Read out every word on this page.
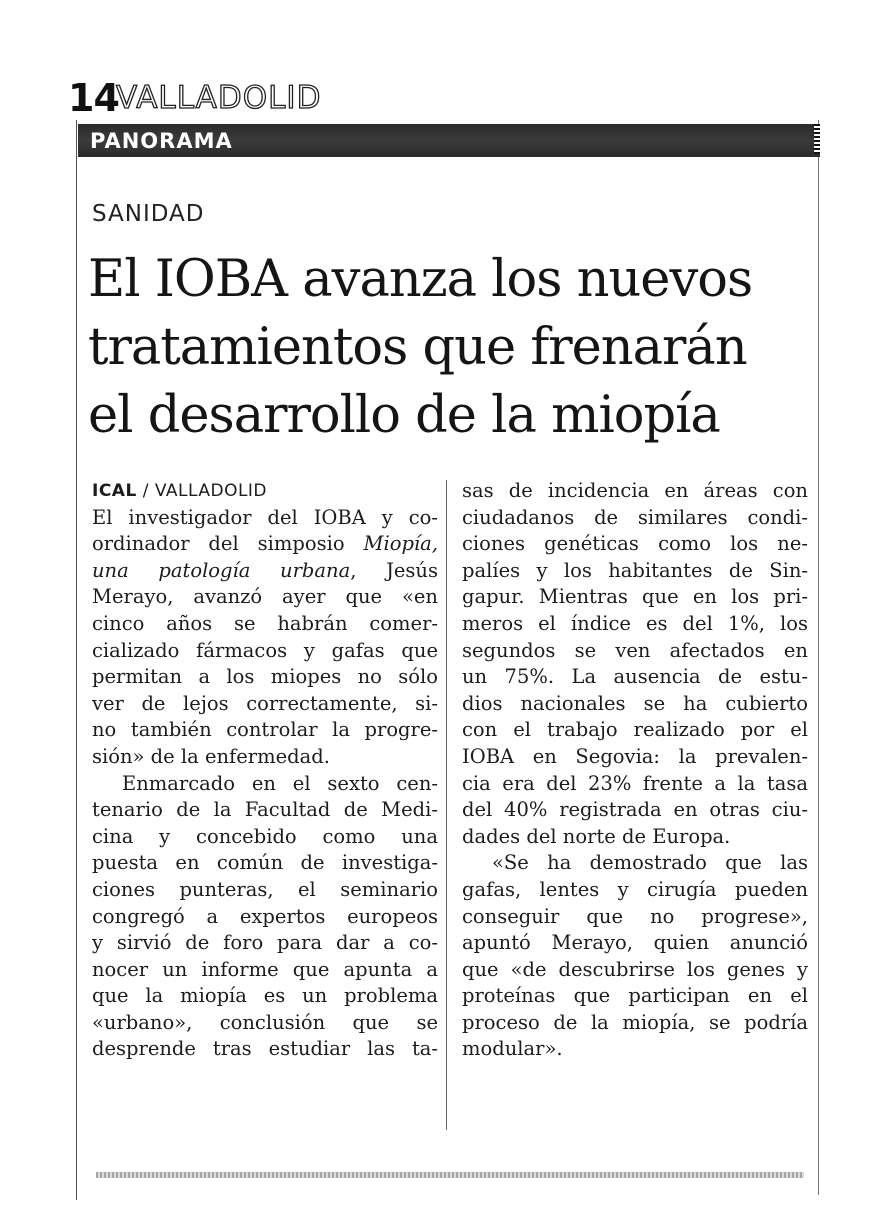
14
VALLADOLID
PANORAMA
SANIDAD
El IOBA avanza los nuevos
tratamientos que frenarán
el desarrollo de la miopía
ICAL / VALLADOLID
El investigador del IOBA y co-
ordinador del simposio Miopía,
una patología urbana, Jesús
Merayo, avanzó ayer que «en
cinco años se habrán comer-
cializado fármacos y gafas que
permitan a los miopes no sólo
ver de lejos correctamente, si-
no también controlar la progre-
sión» de la enfermedad.
Enmarcado en el sexto cen-
tenario de la Facultad de Medi-
cina y concebido como una
puesta en común de investiga-
ciones punteras, el seminario
congregó a expertos europeos
y sirvió de foro para dar a co-
nocer un informe que apunta a
que la miopía es un problema
«urbano», conclusión que se
desprende tras estudiar las ta-
sas de incidencia en áreas con
ciudadanos de similares condi-
ciones genéticas como los ne-
palíes y los habitantes de Sin-
gapur. Mientras que en los pri-
meros el índice es del 1%, los
segundos se ven afectados en
un 75%. La ausencia de estu-
dios nacionales se ha cubierto
con el trabajo realizado por el
IOBA en Segovia: la prevalen-
cia era del 23% frente a la tasa
del 40% registrada en otras ciu-
dades del norte de Europa.
«Se ha demostrado que las
gafas, lentes y cirugía pueden
conseguir que no progrese»,
apuntó Merayo, quien anunció
que «de descubrirse los genes y
proteínas que participan en el
proceso de la miopía, se podría
modular».
